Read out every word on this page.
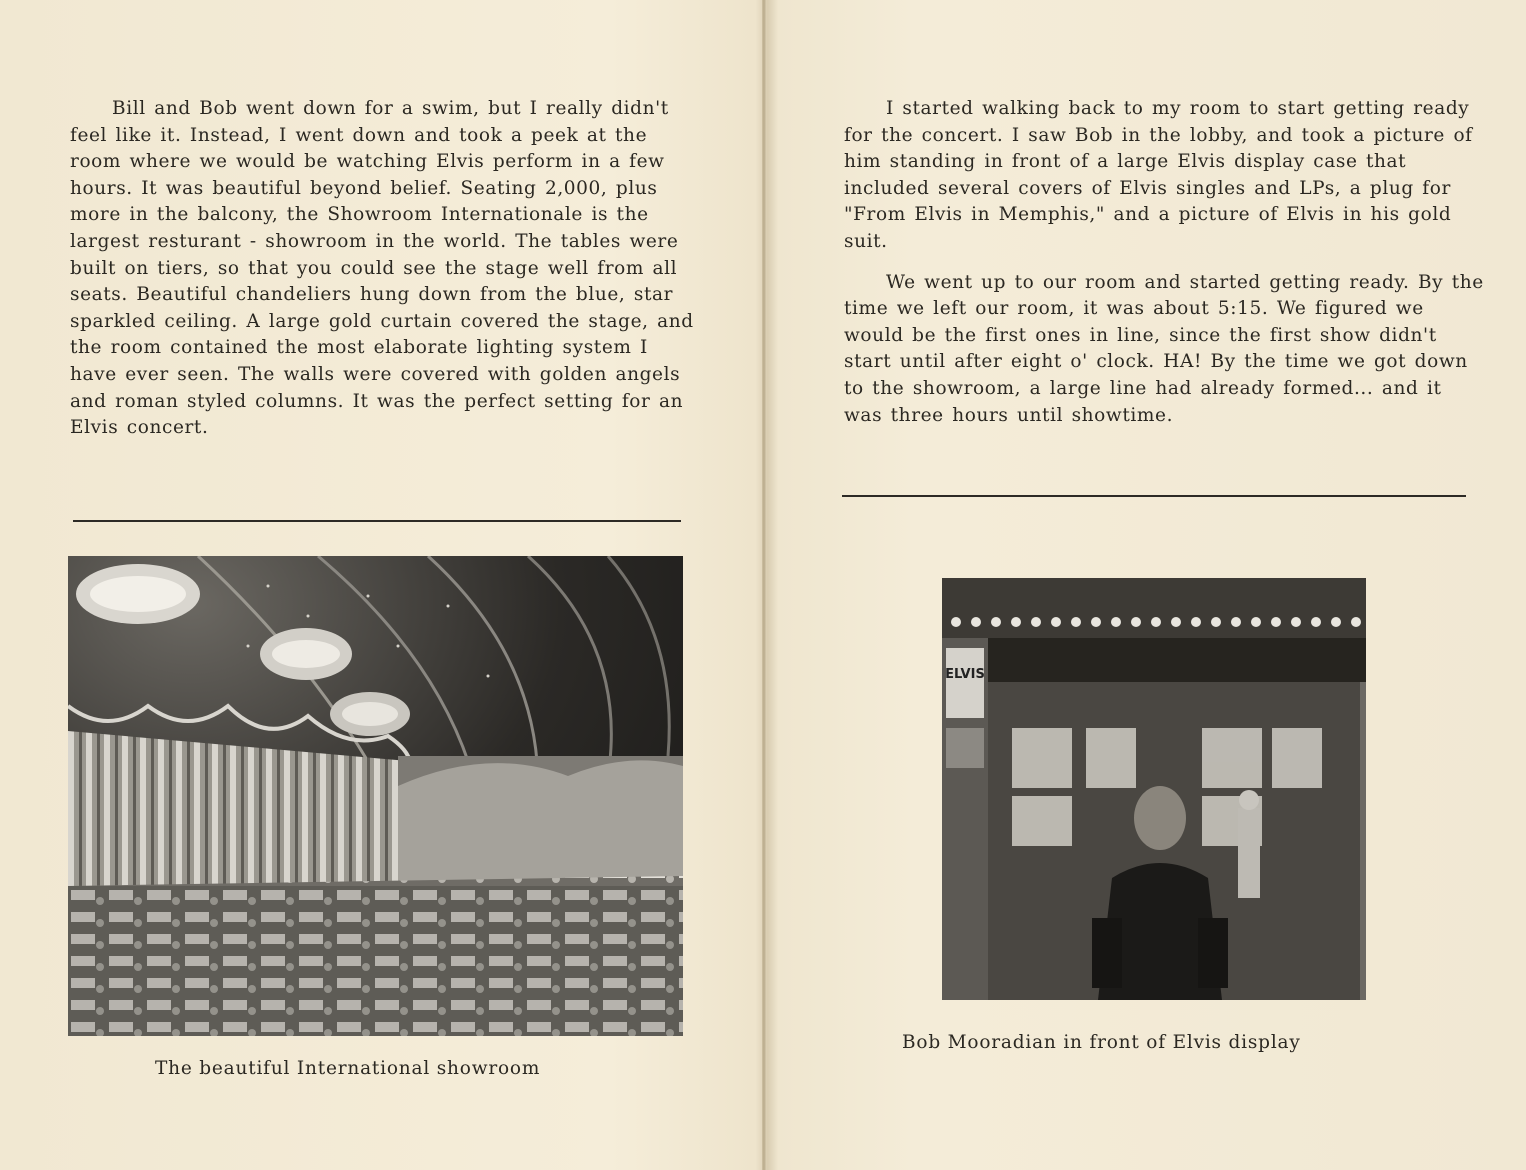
Bill and Bob went down for a swim, but I really didn't feel like it. Instead, I went down and took a peek at the room where we would be watching Elvis perform in a few hours. It was beautiful beyond belief. Seating 2,000, plus more in the balcony, the Showroom Internationale is the largest resturant - showroom in the world. The tables were built on tiers, so that you could see the stage well from all seats. Beautiful chandeliers hung down from the blue, star sparkled ceiling. A large gold curtain covered the stage, and the room contained the most elaborate lighting system I have ever seen. The walls were covered with golden angels and roman styled columns. It was the perfect setting for an Elvis concert.

The beautiful International showroom

I started walking back to my room to start getting ready for the concert. I saw Bob in the lobby, and took a picture of him standing in front of a large Elvis display case that included several covers of Elvis singles and LPs, a plug for "From Elvis in Memphis," and a picture of Elvis in his gold suit.

We went up to our room and started getting ready. By the time we left our room, it was about 5:15. We figured we would be the first ones in line, since the first show didn't start until after eight o' clock. HA! By the time we got down to the showroom, a large line had already formed... and it was three hours until showtime.

ELVIS
Bob Mooradian in front of Elvis display
